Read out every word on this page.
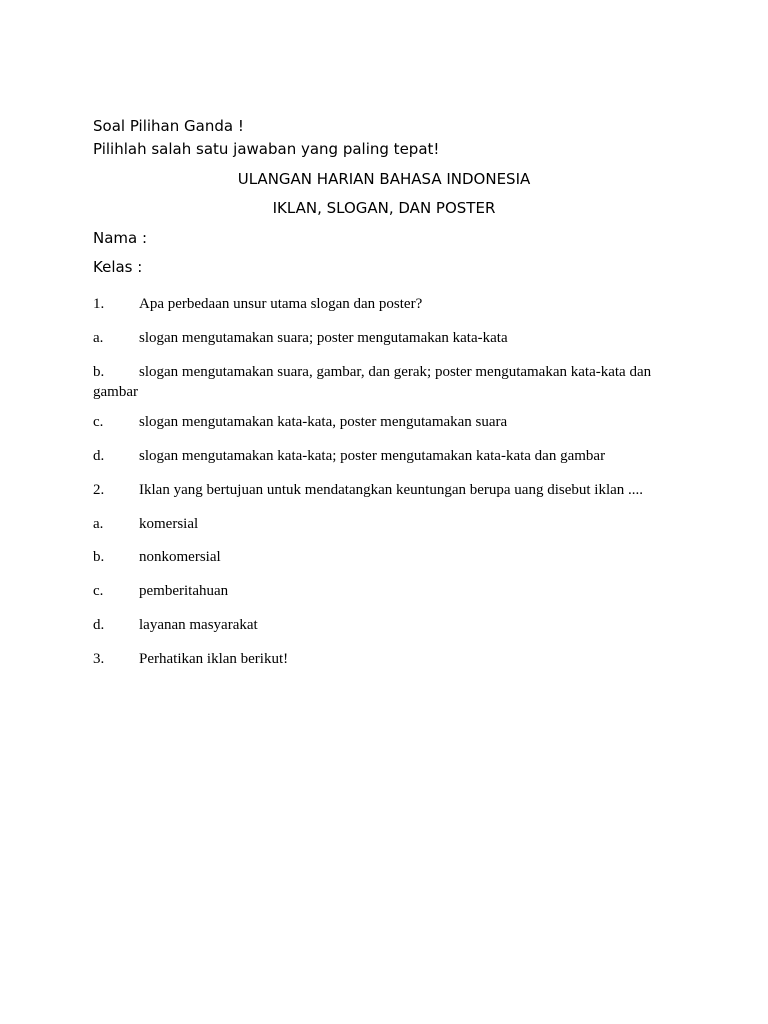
Soal Pilihan Ganda !
Pilihlah salah satu jawaban yang paling tepat!
ULANGAN HARIAN BAHASA INDONESIA
IKLAN, SLOGAN, DAN POSTER
Nama :
Kelas :
1. Apa perbedaan unsur utama slogan dan poster?
a. slogan mengutamakan suara; poster mengutamakan kata-kata
b. slogan mengutamakan suara, gambar, dan gerak; poster mengutamakan kata-kata dan gambar
c. slogan mengutamakan kata-kata, poster mengutamakan suara
d. slogan mengutamakan kata-kata; poster mengutamakan kata-kata dan gambar
2. Iklan yang bertujuan untuk mendatangkan keuntungan berupa uang disebut iklan ....
a. komersial
b. nonkomersial
c. pemberitahuan
d. layanan masyarakat
3. Perhatikan iklan berikut!
